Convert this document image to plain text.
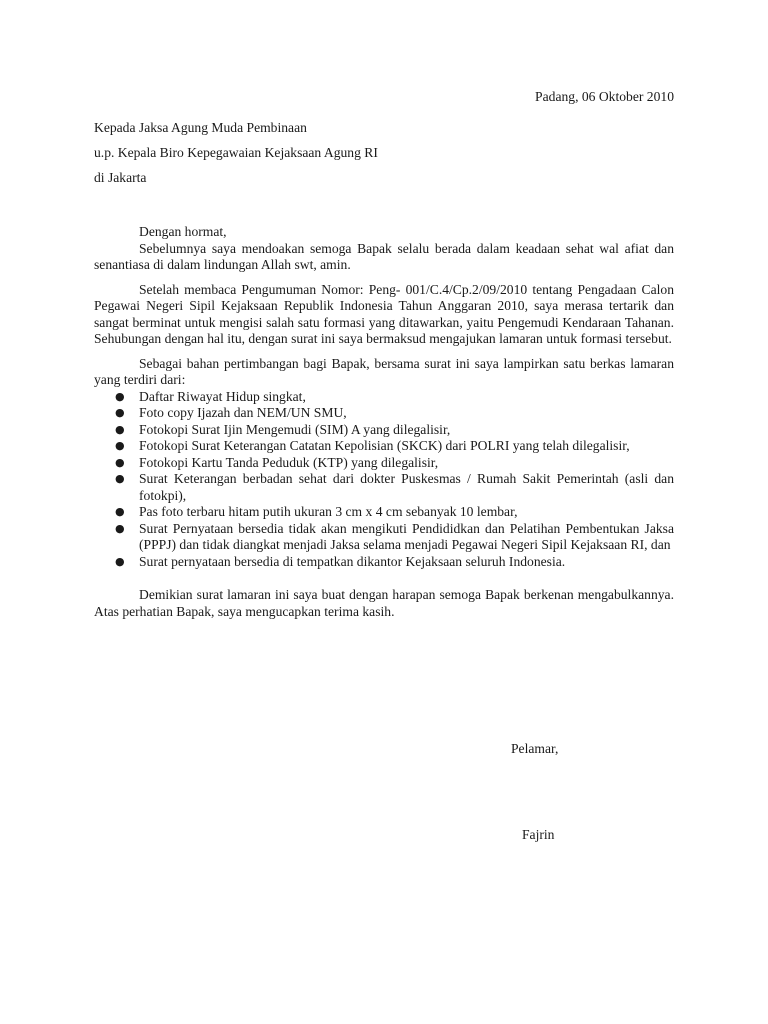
Padang, 06 Oktober 2010
Kepada Jaksa Agung Muda Pembinaan
u.p. Kepala Biro Kepegawaian Kejaksaan Agung RI
di Jakarta

Dengan hormat,

Sebelumnya saya mendoakan semoga Bapak selalu berada dalam keadaan sehat wal afiat dan senantiasa di dalam lindungan Allah swt, amin.

Setelah membaca Pengumuman Nomor: Peng- 001/C.4/Cp.2/09/2010 tentang Pengadaan Calon Pegawai Negeri Sipil Kejaksaan Republik Indonesia Tahun Anggaran 2010, saya merasa tertarik dan sangat berminat untuk mengisi salah satu formasi yang ditawarkan, yaitu Pengemudi Kendaraan Tahanan. Sehubungan dengan hal itu, dengan surat ini saya bermaksud mengajukan lamaran untuk formasi tersebut.

Sebagai bahan pertimbangan bagi Bapak, bersama surat ini saya lampirkan satu berkas lamaran yang terdiri dari:

● Daftar Riwayat Hidup singkat,
● Foto copy Ijazah dan NEM/UN SMU,
● Fotokopi Surat Ijin Mengemudi (SIM) A yang dilegalisir,
● Fotokopi Surat Keterangan Catatan Kepolisian (SKCK) dari POLRI yang telah dilegalisir,
● Fotokopi Kartu Tanda Peduduk (KTP) yang dilegalisir,
● Surat Keterangan berbadan sehat dari dokter Puskesmas / Rumah Sakit Pemerintah (asli dan fotokpi),
● Pas foto terbaru hitam putih ukuran 3 cm x 4 cm sebanyak 10 lembar,
● Surat Pernyataan bersedia tidak akan mengikuti Pendididkan dan Pelatihan Pembentukan Jaksa (PPPJ) dan tidak diangkat menjadi Jaksa selama menjadi Pegawai Negeri Sipil Kejaksaan RI, dan
● Surat pernyataan bersedia di tempatkan dikantor Kejaksaan seluruh Indonesia.

Demikian surat lamaran ini saya buat dengan harapan semoga Bapak berkenan mengabulkannya. Atas perhatian Bapak, saya mengucapkan terima kasih.

Pelamar,
Fajrin
